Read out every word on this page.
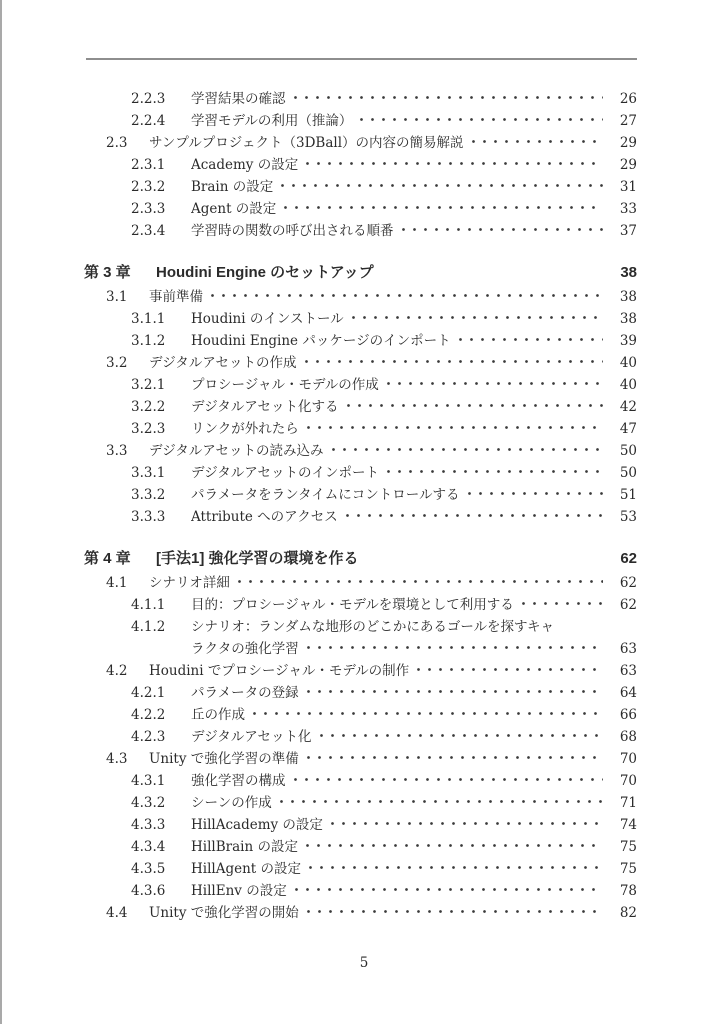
2.2.3	学習結果の確認	26
2.2.4	学習モデルの利用（推論）	27
2.3	サンプルプロジェクト（3DBall）の内容の簡易解説	29
2.3.1	Academy の設定	29
2.3.2	Brain の設定	31
2.3.3	Agent の設定	33
2.3.4	学習時の関数の呼び出される順番	37
第 3 章	Houdini Engine のセットアップ	38
3.1	事前準備	38
3.1.1	Houdini のインストール	38
3.1.2	Houdini Engine パッケージのインポート	39
3.2	デジタルアセットの作成	40
3.2.1	プロシージャル・モデルの作成	40
3.2.2	デジタルアセット化する	42
3.2.3	リンクが外れたら	47
3.3	デジタルアセットの読み込み	50
3.3.1	デジタルアセットのインポート	50
3.3.2	パラメータをランタイムにコントロールする	51
3.3.3	Attribute へのアクセス	53
第 4 章	[手法1] 強化学習の環境を作る	62
4.1	シナリオ詳細	62
4.1.1	目的：プロシージャル・モデルを環境として利用する	62
4.1.2	シナリオ：ランダムな地形のどこかにあるゴールを探すキャ
ラクタの強化学習	63
4.2	Houdini でプロシージャル・モデルの制作	63
4.2.1	パラメータの登録	64
4.2.2	丘の作成	66
4.2.3	デジタルアセット化	68
4.3	Unity で強化学習の準備	70
4.3.1	強化学習の構成	70
4.3.2	シーンの作成	71
4.3.3	HillAcademy の設定	74
4.3.4	HillBrain の設定	75
4.3.5	HillAgent の設定	75
4.3.6	HillEnv の設定	78
4.4	Unity で強化学習の開始	82
5
